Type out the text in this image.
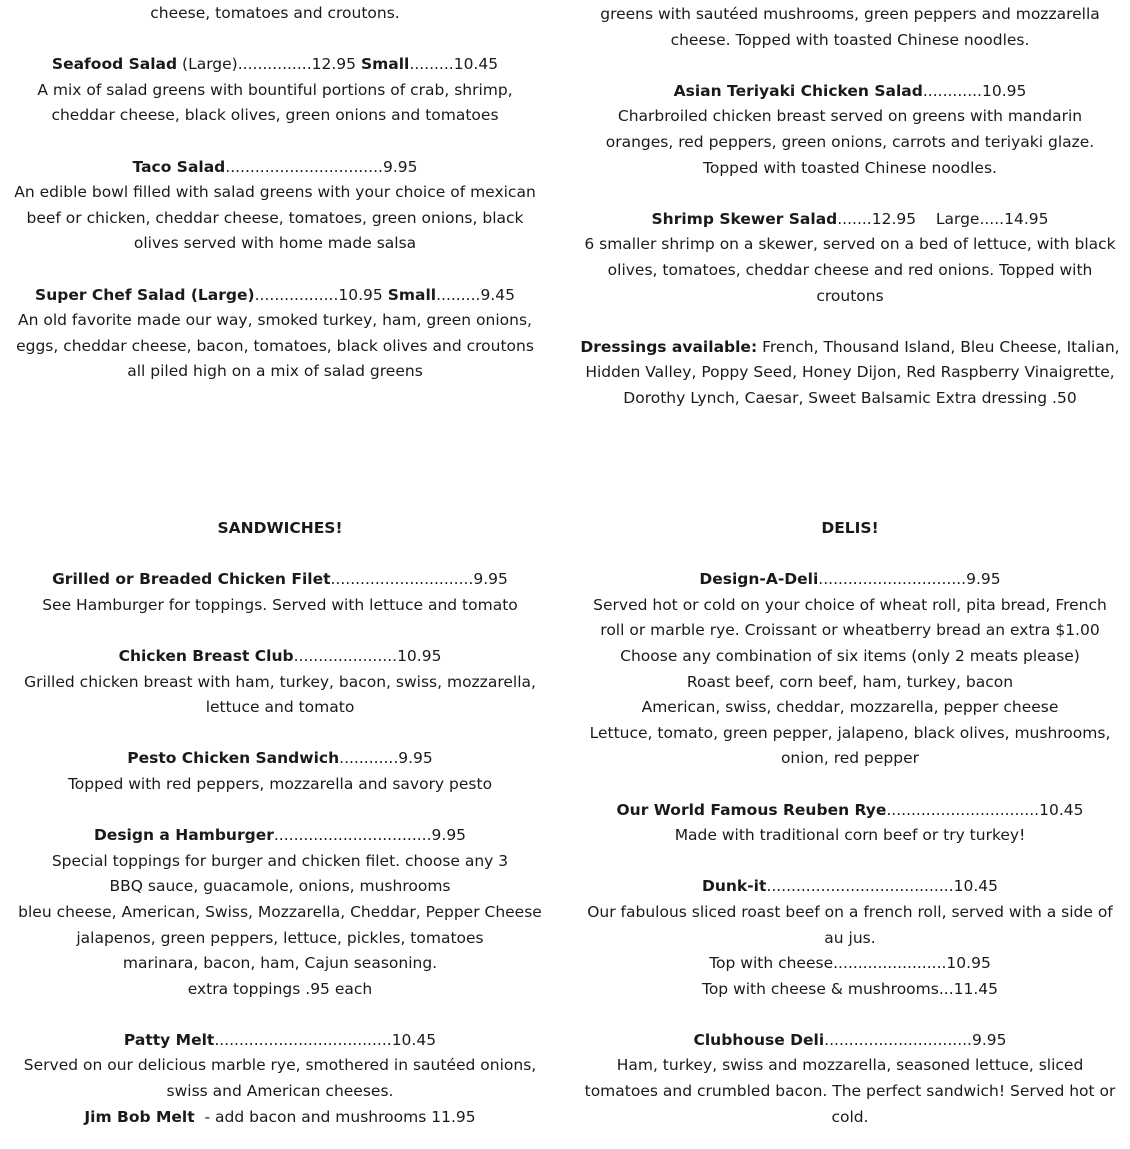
cheese, tomatoes and croutons.
Seafood Salad (Large)...............12.95 Small.........10.45
A mix of salad greens with bountiful portions of crab, shrimp,
cheddar cheese, black olives, green onions and tomatoes
Taco Salad................................9.95
An edible bowl filled with salad greens with your choice of mexican
beef or chicken, cheddar cheese, tomatoes, green onions, black
olives served with home made salsa
Super Chef Salad (Large).................10.95 Small.........9.45
An old favorite made our way, smoked turkey, ham, green onions,
eggs, cheddar cheese, bacon, tomatoes, black olives and croutons
all piled high on a mix of salad greens
greens with sautéed mushrooms, green peppers and mozzarella
cheese. Topped with toasted Chinese noodles.
Asian Teriyaki Chicken Salad............10.95
Charbroiled chicken breast served on greens with mandarin
oranges, red peppers, green onions, carrots and teriyaki glaze.
Topped with toasted Chinese noodles.
Shrimp Skewer Salad.......12.95 Large.....14.95
6 smaller shrimp on a skewer, served on a bed of lettuce, with black
olives, tomatoes, cheddar cheese and red onions. Topped with
croutons
Dressings available: French, Thousand Island, Bleu Cheese, Italian,
Hidden Valley, Poppy Seed, Honey Dijon, Red Raspberry Vinaigrette,
Dorothy Lynch, Caesar, Sweet Balsamic Extra dressing .50
SANDWICHES!
Grilled or Breaded Chicken Filet.............................9.95
See Hamburger for toppings. Served with lettuce and tomato
Chicken Breast Club.....................10.95
Grilled chicken breast with ham, turkey, bacon, swiss, mozzarella,
lettuce and tomato
Pesto Chicken Sandwich............9.95
Topped with red peppers, mozzarella and savory pesto
Design a Hamburger................................9.95
Special toppings for burger and chicken filet. choose any 3
BBQ sauce, guacamole, onions, mushrooms
bleu cheese, American, Swiss, Mozzarella, Cheddar, Pepper Cheese
jalapenos, green peppers, lettuce, pickles, tomatoes
marinara, bacon, ham, Cajun seasoning.
extra toppings .95 each
Patty Melt....................................10.45
Served on our delicious marble rye, smothered in sautéed onions,
swiss and American cheeses.
Jim Bob Melt  - add bacon and mushrooms 11.95
DELIS!
Design-A-Deli..............................9.95
Served hot or cold on your choice of wheat roll, pita bread, French
roll or marble rye. Croissant or wheatberry bread an extra $1.00
Choose any combination of six items (only 2 meats please)
Roast beef, corn beef, ham, turkey, bacon
American, swiss, cheddar, mozzarella, pepper cheese
Lettuce, tomato, green pepper, jalapeno, black olives, mushrooms,
onion, red pepper
Our World Famous Reuben Rye...............................10.45
Made with traditional corn beef or try turkey!
Dunk-it......................................10.45
Our fabulous sliced roast beef on a french roll, served with a side of
au jus.
Top with cheese.......................10.95
Top with cheese & mushrooms...11.45
Clubhouse Deli..............................9.95
Ham, turkey, swiss and mozzarella, seasoned lettuce, sliced
tomatoes and crumbled bacon. The perfect sandwich! Served hot or
cold.
